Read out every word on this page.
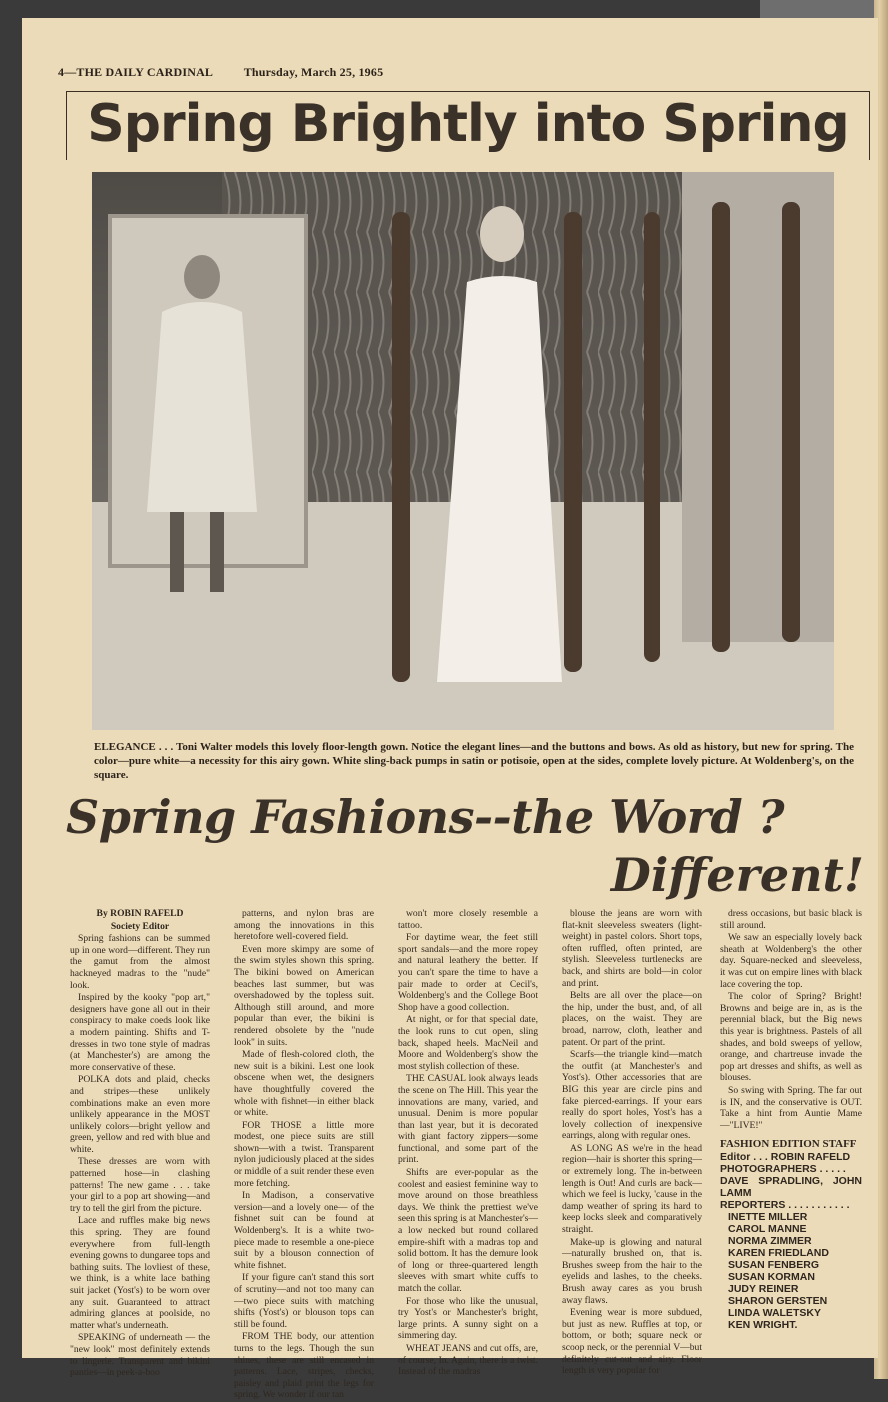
4—THE DAILY CARDINAL	Thursday, March 25, 1965
Spring Brightly into Spring
ELEGANCE . . . Toni Walter models this lovely floor-length gown. Notice the elegant lines—and the buttons and bows. As old as history, but new for spring. The color—pure white—a necessity for this airy gown. White sling-back pumps in satin or potisoie, open at the sides, complete lovely picture. At Woldenberg's, on the square.
Spring Fashions--the Word ?
Different!

By ROBIN RAFELD

Society Editor

Spring fashions can be summed up in one word—different. They run the gamut from the almost hackneyed madras to the "nude" look.

Inspired by the kooky "pop art," designers have gone all out in their conspiracy to make coeds look like a modern painting. Shifts and T-dresses in two tone style of madras (at Manchester's) are among the more conservative of these.

POLKA dots and plaid, checks and stripes—these unlikely combinations make an even more unlikely appearance in the MOST unlikely colors—bright yellow and green, yellow and red with blue and white.

These dresses are worn with patterned hose—in clashing patterns! The new game . . . take your girl to a pop art showing—and try to tell the girl from the picture.

Lace and ruffles make big news this spring. They are found everywhere from full-length evening gowns to dungaree tops and bathing suits. The lovliest of these, we think, is a white lace bathing suit jacket (Yost's) to be worn over any suit. Guaranteed to attract admiring glances at poolside, no matter what's underneath.

SPEAKING of underneath — the "new look" most definitely extends to lingerie. Transparent and bikini panties—in peek-a-boo

patterns, and nylon bras are among the innovations in this heretofore well-covered field.

Even more skimpy are some of the swim styles shown this spring. The bikini bowed on American beaches last summer, but was overshadowed by the topless suit. Although still around, and more popular than ever, the bikini is rendered obsolete by the "nude look" in suits.

Made of flesh-colored cloth, the new suit is a bikini. Lest one look obscene when wet, the designers have thoughtfully covered the whole with fishnet—in either black or white.

FOR THOSE a little more modest, one piece suits are still shown—with a twist. Transparent nylon judiciously placed at the sides or middle of a suit render these even more fetching.

In Madison, a conservative version—and a lovely one— of the fishnet suit can be found at Woldenberg's. It is a white two-piece made to resemble a one-piece suit by a blouson connection of white fishnet.

If your figure can't stand this sort of scrutiny—and not too many can—two piece suits with matching shifts (Yost's) or blouson tops can still be found.

FROM THE body, our attention turns to the legs. Though the sun shines, these are still encased in patterns. Lace, stripes, checks, paisley and plaid print the legs for spring. We wonder if our tan

won't more closely resemble a tattoo.

For daytime wear, the feet still sport sandals—and the more ropey and natural leathery the better. If you can't spare the time to have a pair made to order at Cecil's, Woldenberg's and the College Boot Shop have a good collection.

At night, or for that special date, the look runs to cut open, sling back, shaped heels. MacNeil and Moore and Woldenberg's show the most stylish collection of these.

THE CASUAL look always leads the scene on The Hill. This year the innovations are many, varied, and unusual. Denim is more popular than last year, but it is decorated with giant factory zippers—some functional, and some part of the print.

Shifts are ever-popular as the coolest and easiest feminine way to move around on those breathless days. We think the prettiest we've seen this spring is at Manchester's—a low necked but round collared empire-shift with a madras top and solid bottom. It has the demure look of long or three-quartered length sleeves with smart white cuffs to match the collar.

For those who like the unusual, try Yost's or Manchester's bright, large prints. A sunny sight on a simmering day.

WHEAT JEANS and cut offs, are, of course, In. Again, there is a twist. Instead of the madras

blouse the jeans are worn with flat-knit sleeveless sweaters (light-weight) in pastel colors. Short tops, often ruffled, often printed, are stylish. Sleeveless turtlenecks are back, and shirts are bold—in color and print.

Belts are all over the place—on the hip, under the bust, and, of all places, on the waist. They are broad, narrow, cloth, leather and patent. Or part of the print.

Scarfs—the triangle kind—match the outfit (at Manchester's and Yost's). Other accessories that are BIG this year are circle pins and fake pierced-earrings. If your ears really do sport holes, Yost's has a lovely collection of inexpensive earrings, along with regular ones.

AS LONG AS we're in the head region—hair is shorter this spring—or extremely long. The in-between length is Out! And curls are back—which we feel is lucky, 'cause in the damp weather of spring its hard to keep locks sleek and comparatively straight.

Make-up is glowing and natural—naturally brushed on, that is. Brushes sweep from the hair to the eyelids and lashes, to the cheeks. Brush away cares as you brush away flaws.

Evening wear is more subdued, but just as new. Ruffles at top, or bottom, or both; square neck or scoop neck, or the perennial V—but definitely cut-out and airy. Floor length is very popular for

dress occasions, but basic black is still around.

We saw an especially lovely back sheath at Woldenberg's the other day. Square-necked and sleeveless, it was cut on empire lines with black lace covering the top.

The color of Spring? Bright! Browns and beige are in, as is the perennial black, but the Big news this year is brightness. Pastels of all shades, and bold sweeps of yellow, orange, and chartreuse invade the pop art dresses and shifts, as well as blouses.

So swing with Spring. The far out is IN, and the conservative is OUT. Take a hint from Auntie Mame—"LIVE!"

FASHION EDITION STAFF
Editor . . . ROBIN RAFELD
PHOTOGRAPHERS . . . . .
DAVE SPRADLING, JOHN LAMM
REPORTERS . . . . . . . . . . .
INETTE MILLER
CAROL MANNE
NORMA ZIMMER
KAREN FRIEDLAND
SUSAN FENBERG
SUSAN KORMAN
JUDY REINER
SHARON GERSTEN
LINDA WALETSKY
KEN WRIGHT.
